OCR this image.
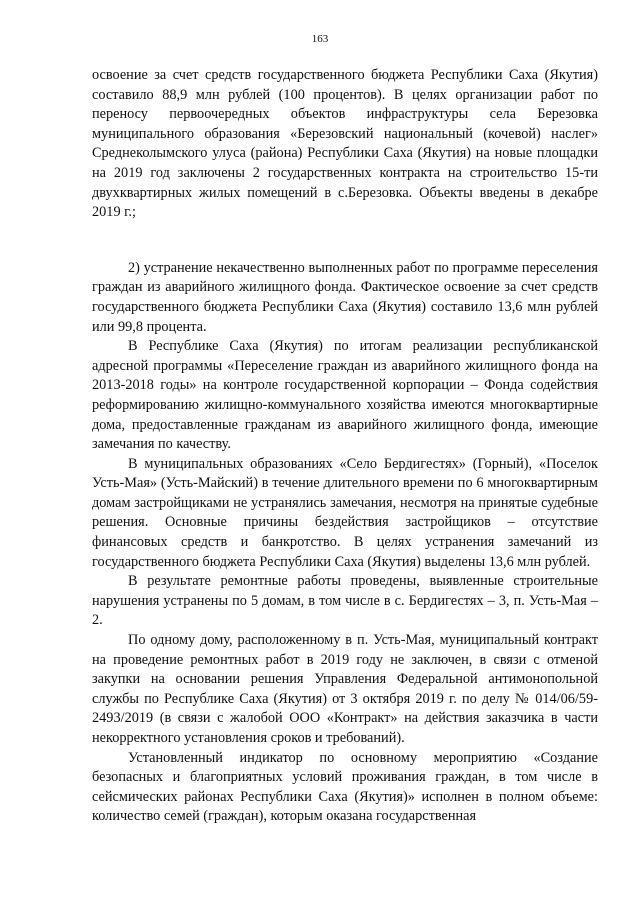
163

освоение за счет средств государственного бюджета Республики Саха (Якутия) составило 88,9 млн рублей (100 процентов). В целях организации работ по переносу первоочередных объектов инфраструктуры села Березовка муниципального образования «Березовский национальный (кочевой) наслег» Среднеколымского улуса (района) Республики Саха (Якутия) на новые площадки на 2019 год заключены 2 государственных контракта на строительство 15-ти двухквартирных жилых помещений в с.Березовка. Объекты введены в декабре 2019 г.;

2) устранение некачественно выполненных работ по программе переселения граждан из аварийного жилищного фонда. Фактическое освоение за счет средств государственного бюджета Республики Саха (Якутия) составило 13,6 млн рублей или 99,8 процента.

В Республике Саха (Якутия) по итогам реализации республиканской адресной программы «Переселение граждан из аварийного жилищного фонда на 2013-2018 годы» на контроле государственной корпорации – Фонда содействия реформированию жилищно-коммунального хозяйства имеются многоквартирные дома, предоставленные гражданам из аварийного жилищного фонда, имеющие замечания по качеству.

В муниципальных образованиях «Село Бердигестях» (Горный), «Поселок Усть-Мая» (Усть-Майский) в течение длительного времени по 6 многоквартирным домам застройщиками не устранялись замечания, несмотря на принятые судебные решения. Основные причины бездействия застройщиков – отсутствие финансовых средств и банкротство. В целях устранения замечаний из государственного бюджета Республики Саха (Якутия) выделены 13,6 млн рублей.

В результате ремонтные работы проведены, выявленные строительные нарушения устранены по 5 домам, в том числе в с. Бердигестях – 3, п. Усть-Мая – 2.

По одному дому, расположенному в п. Усть-Мая, муниципальный контракт на проведение ремонтных работ в 2019 году не заключен, в связи с отменой закупки на основании решения Управления Федеральной антимонопольной службы по Республике Саха (Якутия) от 3 октября 2019 г. по делу № 014/06/59-2493/2019 (в связи с жалобой ООО «Контракт» на действия заказчика в части некорректного установления сроков и требований).

Установленный индикатор по основному мероприятию «Создание безопасных и благоприятных условий проживания граждан, в том числе в сейсмических районах Республики Саха (Якутия)» исполнен в полном объеме: количество семей (граждан), которым оказана государственная
